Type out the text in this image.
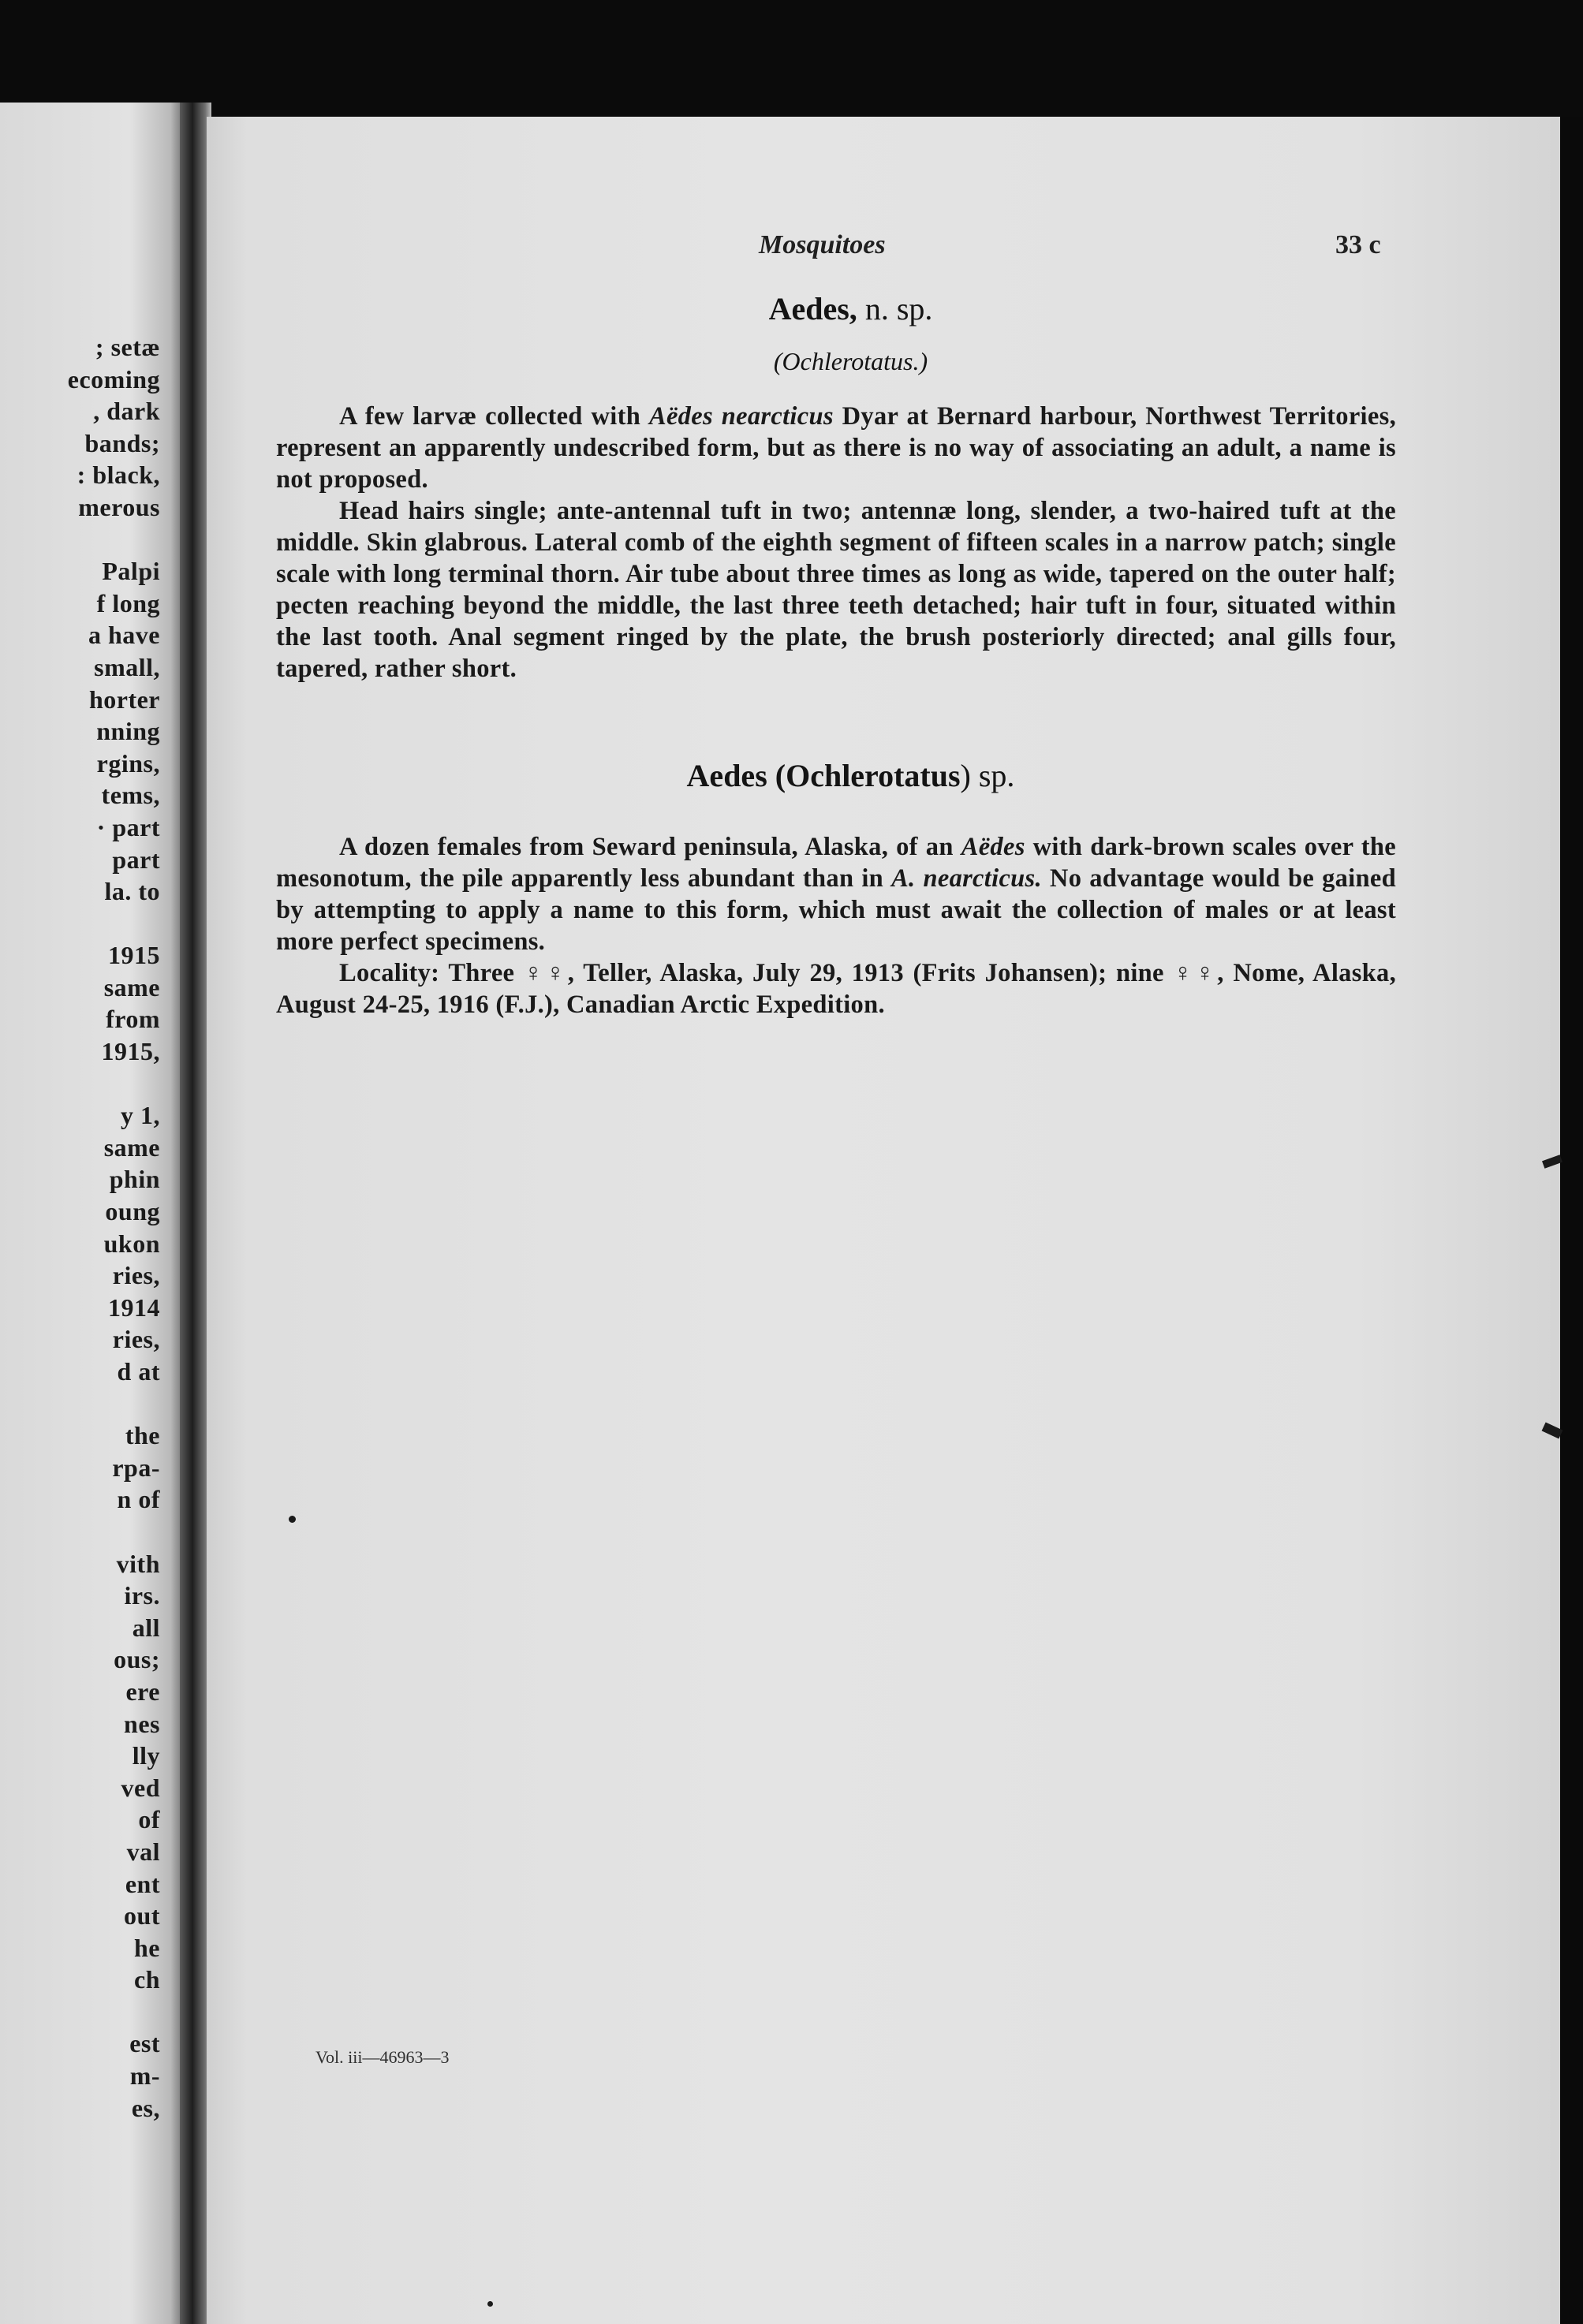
; setæ
ecoming
, dark
bands;
: black,
merous

Palpi
f long
a have
small,
horter
nning
rgins,
tems,
· part
part
la. to

1915
same
from
1915,

y 1,
same
phin
oung
ukon
ries,
1914
ries,
d at

the
rpa-
n of

vith
irs.
all
ous;
ere
nes
lly
ved
of
val
ent
out
he
ch

est
m-
es,
Mosquitoes	33 c
Aedes, n. sp.
(Ochlerotatus.)

A few larvæ collected with Aëdes nearcticus Dyar at Bernard harbour, Northwest Territories, represent an apparently undescribed form, but as there is no way of associating an adult, a name is not proposed.

Head hairs single; ante-antennal tuft in two; antennæ long, slender, a two-haired tuft at the middle. Skin glabrous. Lateral comb of the eighth segment of fifteen scales in a narrow patch; single scale with long terminal thorn. Air tube about three times as long as wide, tapered on the outer half; pecten reaching beyond the middle, the last three teeth detached; hair tuft in four, situated within the last tooth. Anal segment ringed by the plate, the brush posteriorly directed; anal gills four, tapered, rather short.

Aedes (Ochlerotatus) sp.

A dozen females from Seward peninsula, Alaska, of an Aëdes with dark-brown scales over the mesonotum, the pile apparently less abundant than in A. nearcticus. No advantage would be gained by attempting to apply a name to this form, which must await the collection of males or at least more perfect specimens.

Locality: Three ♀♀, Teller, Alaska, July 29, 1913 (Frits Johansen); nine ♀♀, Nome, Alaska, August 24-25, 1916 (F.J.), Canadian Arctic Expedition.

Vol. iii—46963—3
